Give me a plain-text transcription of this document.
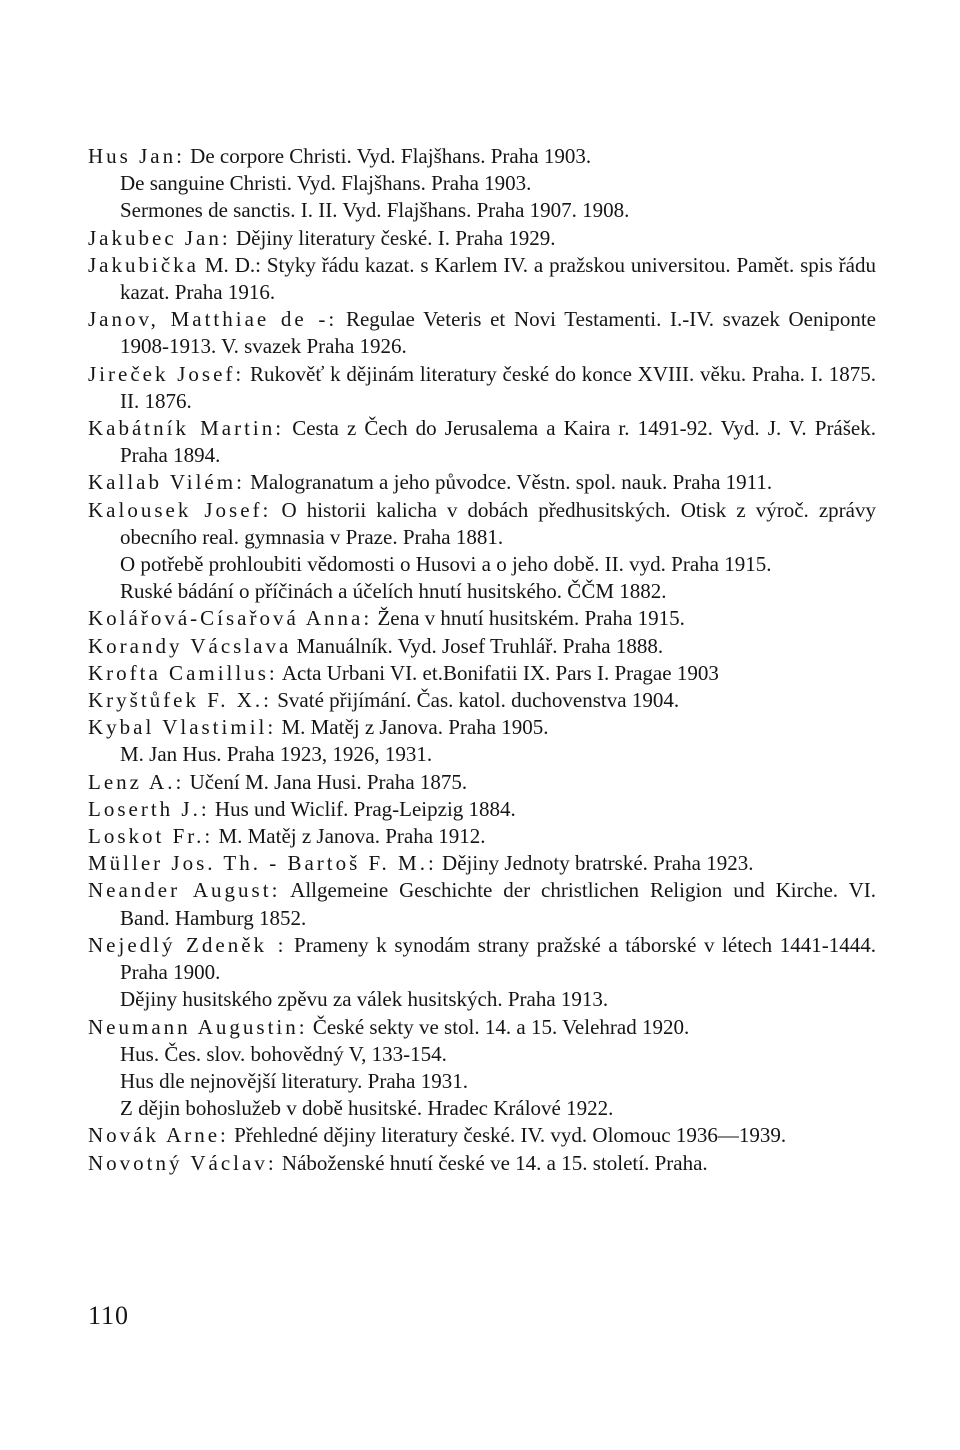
Hus Jan: De corpore Christi. Vyd. Flajšhans. Praha 1903.
De sanguine Christi. Vyd. Flajšhans. Praha 1903.
Sermones de sanctis. I. II. Vyd. Flajšhans. Praha 1907. 1908.
Jakubec Jan: Dějiny literatury české. I. Praha 1929.
Jakubička M. D.: Styky řádu kazat. s Karlem IV. a pražskou universitou. Pamět. spis řádu kazat. Praha 1916.
Janov, Matthiae de -: Regulae Veteris et Novi Testamenti. I.-IV. svazek Oeniponte 1908-1913. V. svazek Praha 1926.
Jireček Josef: Rukověť k dějinám literatury české do konce XVIII. věku. Praha. I. 1875. II. 1876.
Kabátník Martin: Cesta z Čech do Jerusalema a Kaira r. 1491-92. Vyd. J. V. Prášek. Praha 1894.
Kallab Vilém: Malogranatum a jeho původce. Věstn. spol. nauk. Praha 1911.
Kalousek Josef: O historii kalicha v dobách předhusitských. Otisk z výroč. zprávy obecního real. gymnasia v Praze. Praha 1881.
O potřebě prohloubiti vědomosti o Husovi a o jeho době. II. vyd. Praha 1915.
Ruské bádání o příčinách a účelích hnutí husitského. ČČM 1882.
Kolářová-Císařová Anna: Žena v hnutí husitském. Praha 1915.
Korandy Vácslava Manuálník. Vyd. Josef Truhlář. Praha 1888.
Krofta Camillus: Acta Urbani VI. et.Bonifatii IX. Pars I. Pragae 1903
Kryštůfek F. X.: Svaté přijímání. Čas. katol. duchovenstva 1904.
Kybal Vlastimil: M. Matěj z Janova. Praha 1905.
M. Jan Hus. Praha 1923, 1926, 1931.
Lenz A.: Učení M. Jana Husi. Praha 1875.
Loserth J.: Hus und Wiclif. Prag-Leipzig 1884.
Loskot Fr.: M. Matěj z Janova. Praha 1912.
Müller Jos. Th. - Bartoš F. M.: Dějiny Jednoty bratrské. Praha 1923.
Neander August: Allgemeine Geschichte der christlichen Religion und Kirche. VI. Band. Hamburg 1852.
Nejedlý Zdeněk : Prameny k synodám strany pražské a táborské v létech 1441-1444. Praha 1900.
Dějiny husitského zpěvu za válek husitských. Praha 1913.
Neumann Augustin: České sekty ve stol. 14. a 15. Velehrad 1920.
Hus. Čes. slov. bohovědný V, 133-154.
Hus dle nejnovější literatury. Praha 1931.
Z dějin bohoslužeb v době husitské. Hradec Králové 1922.
Novák Arne: Přehledné dějiny literatury české. IV. vyd. Olomouc 1936—1939.
Novotný Václav: Náboženské hnutí české ve 14. a 15. století. Praha.
110
